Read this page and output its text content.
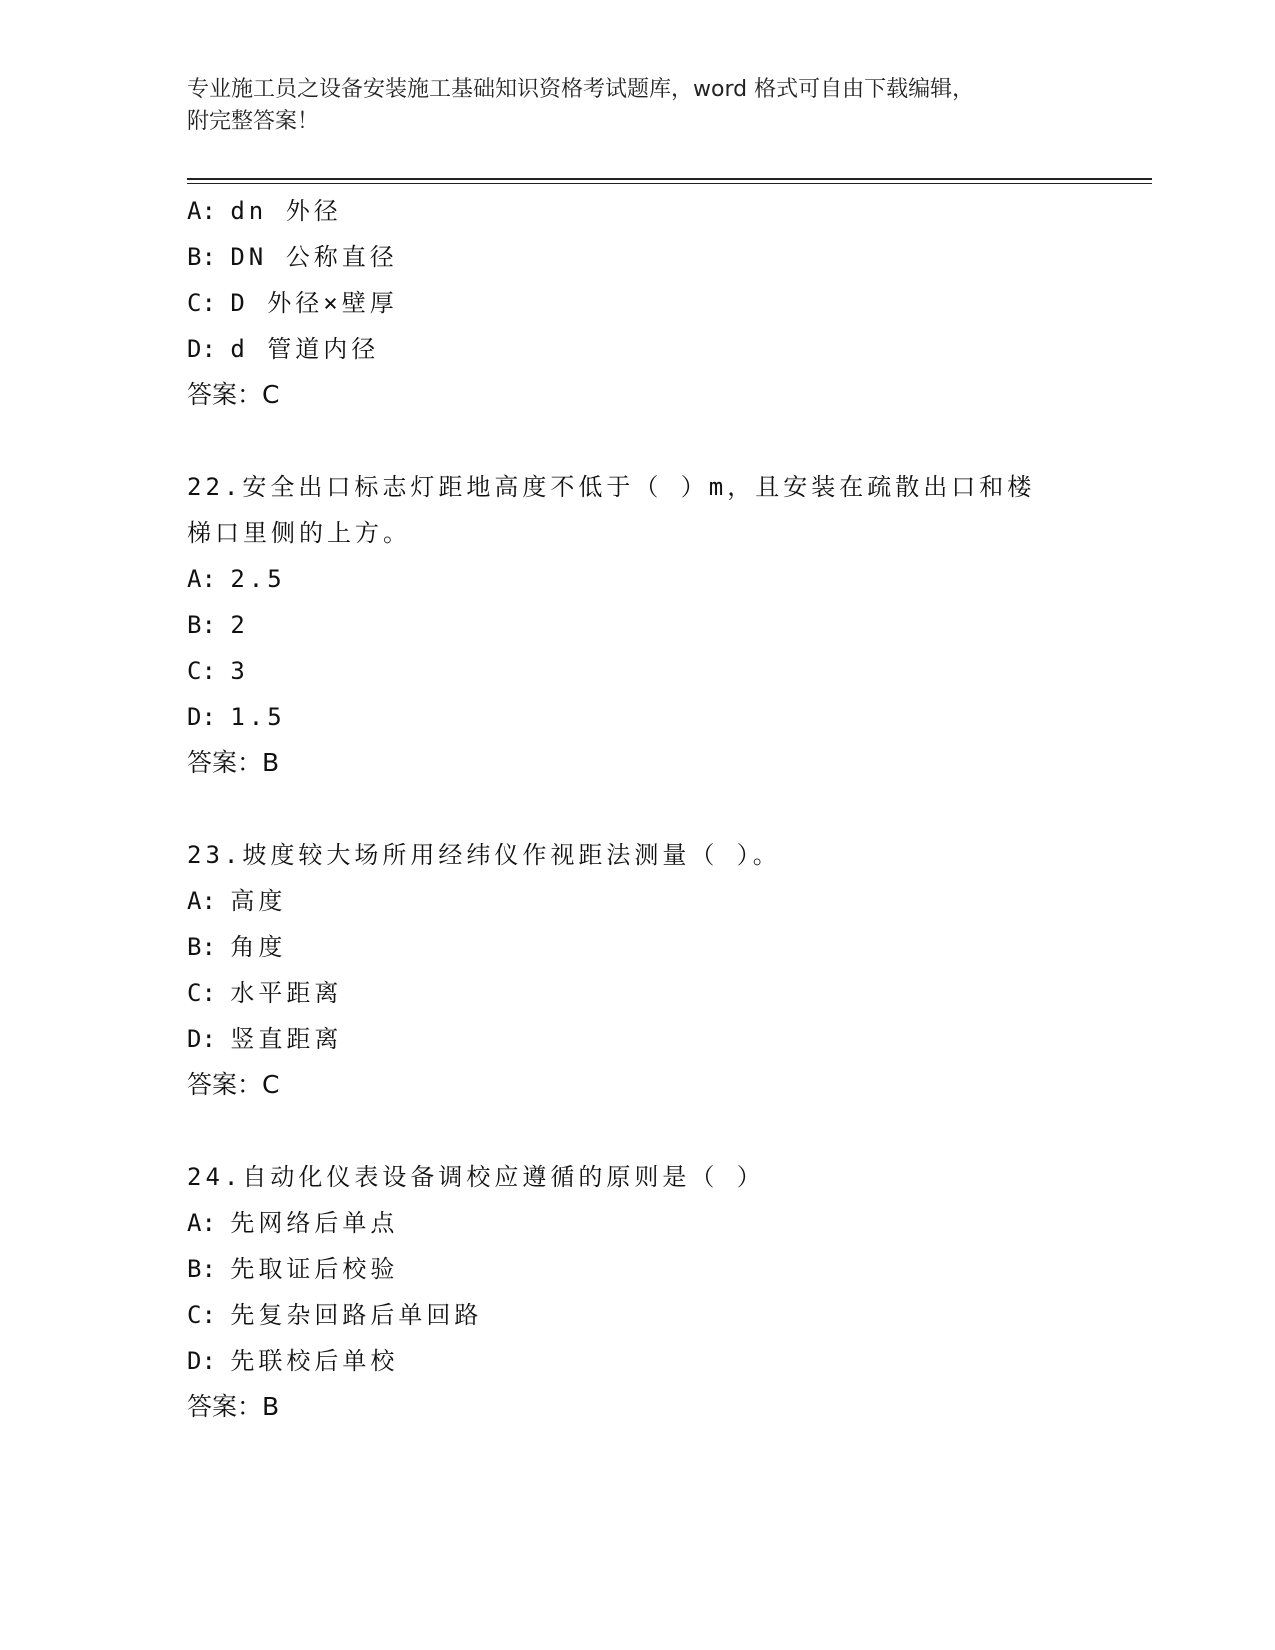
专业施工员之设备安装施工基础知识资格考试题库，word 格式可自由下载编辑，
附完整答案！
A: dn 外径
B: DN 公称直径
C: D 外径×壁厚
D: d 管道内径
答案：C
22.安全出口标志灯距地高度不低于（ ）m，且安装在疏散出口和楼梯口里侧的上方。
A: 2.5
B: 2
C: 3
D: 1.5
答案：B
23.坡度较大场所用经纬仪作视距法测量（ ）。
A: 高度
B: 角度
C: 水平距离
D: 竖直距离
答案：C
24.自动化仪表设备调校应遵循的原则是（ ）
A: 先网络后单点
B: 先取证后校验
C: 先复杂回路后单回路
D: 先联校后单校
答案：B
